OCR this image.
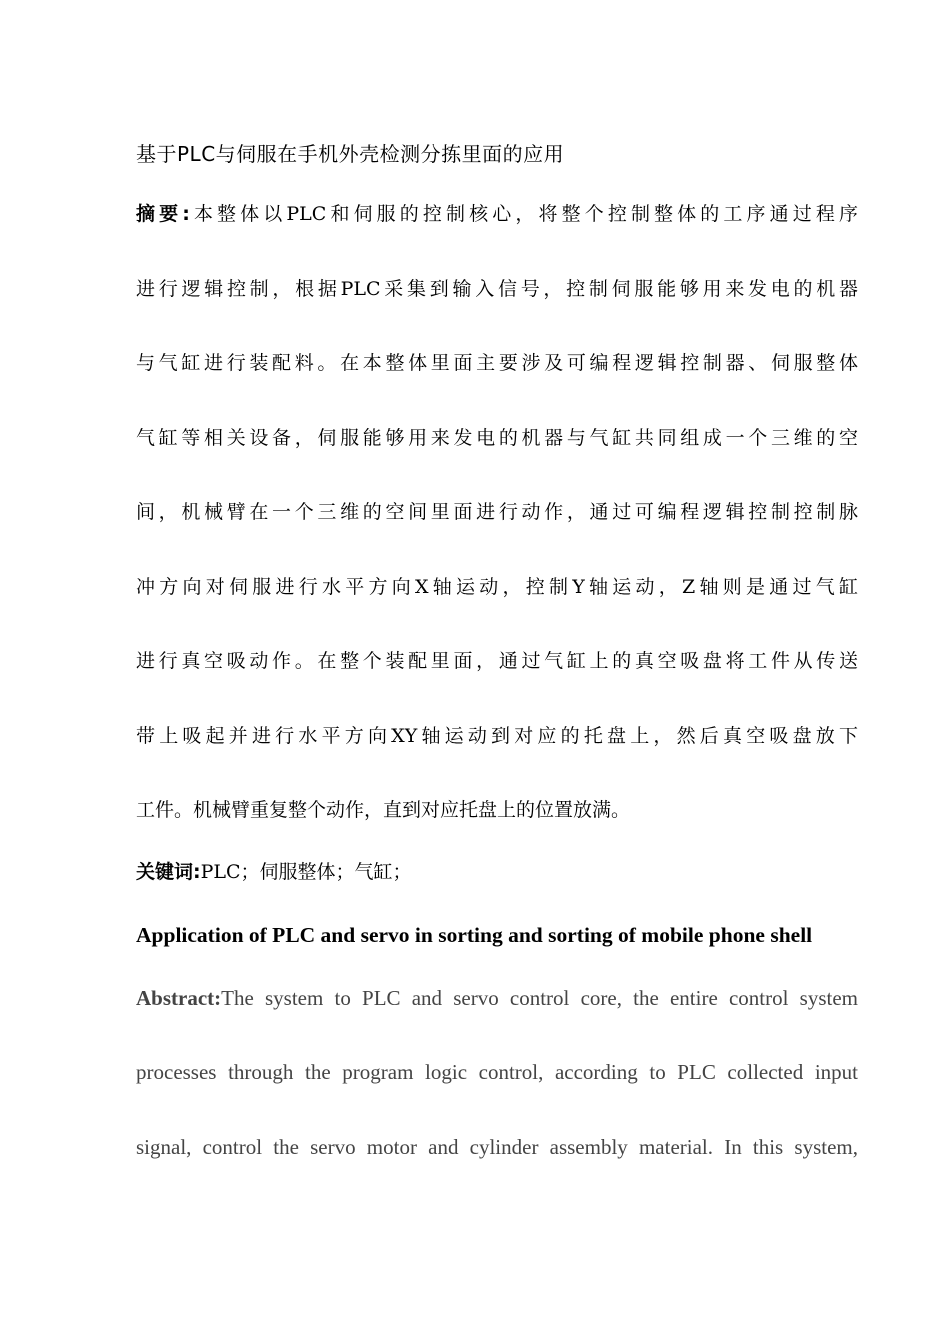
基于PLC与伺服在手机外壳检测分拣里面的应用
摘要:本整体以PLC和伺服的控制核心，将整个控制整体的工序通过程序
进行逻辑控制，根据PLC采集到输入信号，控制伺服能够用来发电的机器
与气缸进行装配料。在本整体里面主要涉及可编程逻辑控制器、伺服整体
气缸等相关设备，伺服能够用来发电的机器与气缸共同组成一个三维的空
间，机械臂在一个三维的空间里面进行动作，通过可编程逻辑控制控制脉
冲方向对伺服进行水平方向X轴运动，控制Y轴运动，Z轴则是通过气缸
进行真空吸动作。在整个装配里面，通过气缸上的真空吸盘将工件从传送
带上吸起并进行水平方向XY轴运动到对应的托盘上，然后真空吸盘放下
工件。机械臂重复整个动作，直到对应托盘上的位置放满。
关键词:PLC；伺服整体；气缸；
Application of PLC and servo in sorting and sorting of mobile phone shell
Abstract:The system to PLC and servo control core, the entire control system
processes through the program logic control, according to PLC collected input
signal, control the servo motor and cylinder assembly material. In this system,
